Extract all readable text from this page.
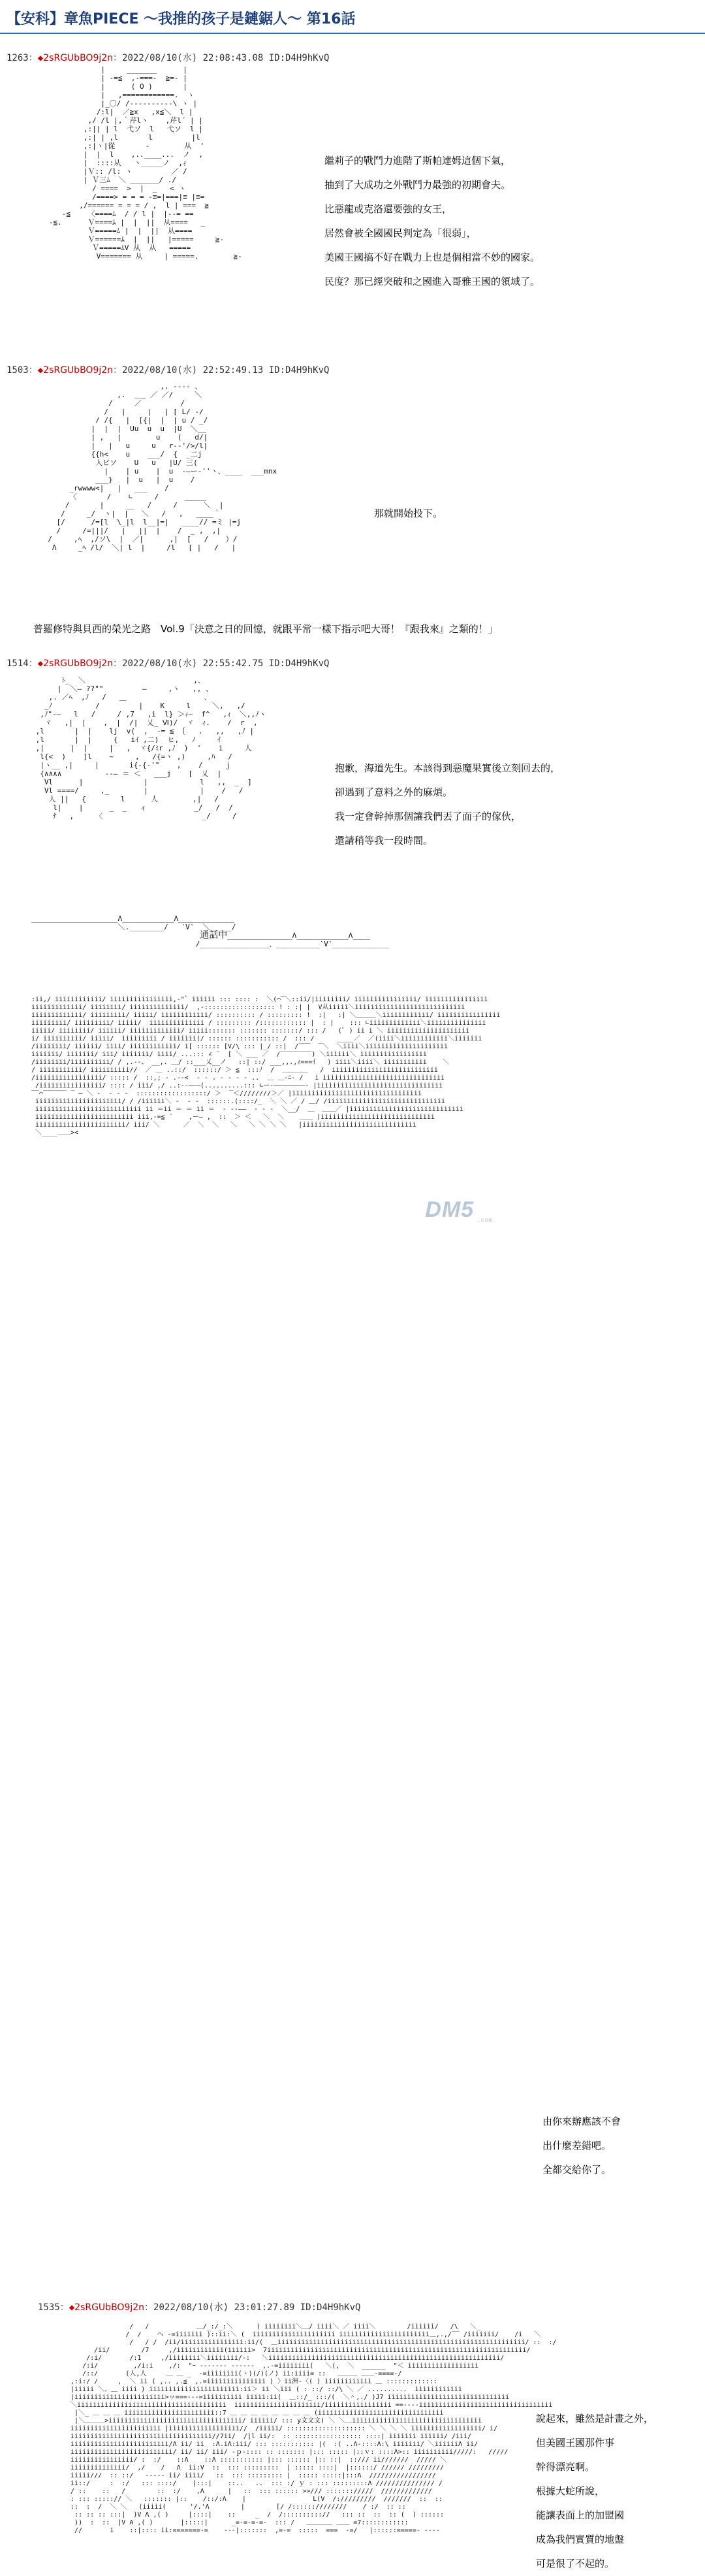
【安科】章魚PIECE ～我推的孩子是鏈鋸人～ 第16話
1263：◆2sRGUbBO9j2n：2022/08/10(水) 22:08:43.08 ID:D4H9hKvQ
|     _______      |
| -=≦  ,-===-  ≧=- |
|      ( O )       |
|   ,============.  ヽ
|_〇/ /‐‐‐‐‐‐‐‐‐‐\ ヽ |
/:l|  ／≧x   ,x≦＼  l |
,/ /l |,｀芹lヽ    ,芹l´ | |
,:|| | l  弋ソ  l   弋ソ  l |
,:| | ,l       l         |l
,:|ヽ|從       ‐        从  '
|  |  l    ,..____...  ノ  ,
|  ::::从   ヽ_____ノ  ,ｨ
|Ｖ:: /l: ヽ         ／ /
| Ｖ三ﾑ  ＼ ＿＿＿＿/ ./
/ ====  >  |  _   < ヽ
/====> = = = -≡=|===|≡ |≡=
,/====== = = = / ,  l | ===  ≧
-≦    〈====ﾑ  / / l |  |--= ==
-≦.      Ｖ====ﾑ |  |  ||  从====   _
Ｖ=====ﾑ |  |  ||  从====
Ｖ======ﾑ  |  ||   |=====     ≧-
Ｖ=====ﾑV 从  从   =====
V======= 从     | =====.        ≧-
繼莉子的戰鬥力進階了斯帕達姆這個下氣，
抽到了大成功之外戰鬥力最強的初期會夫。
比惡龍或克洛還要強的女王，
居然會被全國國民判定為「很弱」，
美國王國搞不好在戰力上也是個相當不妙的國家。
民度？那已經突破和之國進入哥雅王國的領域了。
1503：◆2sRGUbBO9j2n：2022/08/10(水) 22:52:49.13 ID:D4H9hKvQ
,. -‐‐‐ 、
,.  ＿_ ／ ／/     ＼
/     ／         /
/   |     |   | [ L/ ‐/
/ /{   |  [{|  |  | u / _/
|  |  |  Uu  u  u  |U  ＼__
| ,   |        u    (   d/|
|   |   u     u   r-‐'/>/l|
{{h<    u    ___/  {  _二j
人ビソ    U   u   |U/ 三(
|    | u    |  u  -―ー‐''ヽ、____  ___mnx
___}   |  u   |  u    /
_rwwww<|   |   ___    /
〈       /    ∟     /      _____
/       |     __   /     /      ＼  |
/     _/  ヽ|  |   ＼   /   ,   ____｀
[/      /=[l  \_|l  l__|=|   ____// =ミ |=j
/     /=|||/   |   ||  |    /  _ ,  ,|
/     ,ﾍ  ,/ソ\  |  ／|      ,|  [   /    ）/
Λ     _ﾍ /l/  ＼| l  |     /l   [ |   /   |
那就開始投下。
普羅修特與貝西的榮光之路　Vol.9「決意之日的回憶，就跟平常一樣下指示吧大哥！『跟我來』之類的！」
1514：◆2sRGUbBO9j2n：2022/08/10(水) 22:55:42.75 ID:D4H9hKvQ
ﾄ_  ＼                         ,、
|  ＼― ??""         ―     ,ヽ   ,, 、
,. ／ﾍ  ,ﾉ   /   ＿                  、
_ﾉ          /         |    K     l     ＼,   ,/
,ﾉ"‐―   l   /     / ,7   ,i  l} ＞ｨ―  f^   ,ｨ  ＼,,ﾉヽ
ヾ   ,|  |    ,  |  /|  乂_ Ⅵ)/  ヾ  ｨ.    /  r  ,
,l       |  |    lj  v(  ,  ‐= ≦ ｛   .   ,,   ,ﾉ |
,l       |  |     {   iｲ ,二)  ヒ,   ﾉ     ｲ
,|      |  |     |   ,  ヾ{/ﾐr ,ﾉ  )  '    i     人
l{<  )    ]l    ~     ,   /{=ヽ ,)     ,ﾊ   /
|ヽ__ ,|     |       i{‐{‐'"    ,    /     ｊ
{∧∧∧∧          ‐‐― ＝ ＜   ___j    [  乂  |
Vl      |              |            l   ,,  _  ]
Vl ====/     ,_        |            |    /   /
人 ||   {        l      人        ,|   /
l|    |      _  _   ィ           _/   /  /
ﾅ   ,     〈                       _/     /
抱歉，海道先生。本該得到惡魔果實後立刻回去的，
卻遇到了意料之外的麻煩。
我一定會幹掉那個讓我們丟了面子的傢伙，
還請稍等我一段時間。
____________________Λ____________Λ_____________
＼.________/   ‵V‵  ＼_____/
通話中_______________Λ____________Λ____
/________________、__________‵V‵_____________
:ii,/ iiiiiiiiiiii/ iiiiiiiiiiiiiiii,-"ﾞ iiiiii ::: :::: :  ＼(⌒‾＼::ii/|iiiiiiii/ iiiiiiiiiiiiiiii/ iiiiiiiiiiiiiiii
iiiiiiiiiiiii/ iiiiiiii/ iiiiiiiiiiiiii/  ,-:::::::::::::::::: ! : :| |  V从iiiii＼iiiiiiiiiiiiiiiiiiiiiiiiiiii
iiiiiiiiiiiii/ iiiiiiiii/ iiiii/ iiiiiiiiiiii/ :::::::::: / ::::::::: !  :|   :| ＼＿＿＿＼iiiiiiiiiiii/ iiiiiiiiiiiiiiii
iiiiiiiii/ iiiiiiiii/ iiiii/  iiiiiiiiiiiiii / ::::::::: /:::::::::::: |  : |    ::: ∟iiiiiiiiiiiii＼iiiiiiiiiiiiiii
iiiii/ iiiiiiii/ iiiiii/ iiiiiiiiiiiii/ iiiii::::::: ::::::: :::::::/ ::: /   (ﾟ ) ii i ＼ iiiiiiiiiiiiiiiiiiiii
i/ iiiiiiiiii/ iiiii/  iiiiiiiii / iiiiiii(/ :::::: ::::::::::: /  ::: /      ____／  ／(iiii＼iiiiiiiiiiii＼iiiiiii
/iiiiiiii/ iiiiii/ iiii/ iiiiiiiiiiii/ i[ :::::: [V/\ ::: |_/ ::|  /‾‾‾  ‾＼  ＼iiii＼iiiiiiiiiiiiiiiiiiiii
iiiiiii/ iiiiiii/ iii/ iiiiiii/ iiii/ ...::: ∠ ¨  [ ＼ ___ ／  /‾‾‾‾‾‾‾‾) ＼iiiiii＼ iiiiiiiiiiiiiiiii
/iiiiiiii/iiiiiiiiii/ / ,.-‐、 __,. ＿/ ::___乂__ノ   ::| ::/ ___,,.,ｨ===ｲ   ) iiii＼iiii＼ iiiiiiiiiii    ＼
/ iiiiiiiiiii/ iiiiiiiiii//  ／ ＿ ..::/  ::::::/ ＞ ≦  :::ﾉ  /  ＿＿＿＿   /  iiiiiiiiiiiiiiiiiiiiiiiiiii
/iiiiiiiiiiiiiiiii/ ::::: /  ::,; ‐ .-‐<  ‐ - . ‐ ‐ ‐ ‐ ..  ＿ ＿-ﾆ- /   i iiiiiiiiiiiiiiiiiiiiiiiiiiiiiii
/iiiiiiiiiiiiiiii/ :::: / iii/ ,/ ..:--―――(..........::: ∟ー‐――――――――‐ |iiiiiiiiiiiiiiiiiiiiiiiiiiiiiiii
‾‾⌒‾‾‾‾‾‾ ‾ ― ＼ ‐  ‐ ‐ ‐  ::::::::::::::::::/ ＞  ‾＜////////＞／ |iiiiiiiiiiiiiiiiiiiiiiiiiiiiiiiii
iiiiiiiiiiiiiiiiiiiiii/ / /iiiiii＼ ‐  ‐ ‐  ::::::.(::::/_  ＼ ＼ ／ / ＿/ /iiiiiiiiiiiiiiiiiiiiiiiiiiiiii
iiiiiiiiiiiiiiiiiiiiiiiiiii ii ＝ii ＝ ＝ ii ＝  ‐ -‐――  ‐ ‐ ‐  ＼__/  ＿  ＿＿／ |iiiiiiiiiiiiiiiiiiiiiiiiiiiii
iiiiiiiiiiiiiiiiiiiiiiiii iii,-=≦ ¨    ,ー― ,  ::  ＞ ＜   ＼  ＼    ＿＿ |iiiiiiiiiiiiiiiiiiiiiiiiiiiii
iiiiiiiiiiiiiiiiiiiiiii/ iii/ ＼      ／  ＼  ＼   ＼   ＼ ＼ ＼ ＼   |iiiiiiiiiiiiiiiiiiiiiiiiiiiii
＼____＿＿><

由你來辦應該不會
出什麼差錯吧。
全都交給你了。

1535：◆2sRGUbBO9j2n：2022/08/10(水) 23:01:27.89 ID:D4H9hKvQ

/   /            ＿/_:/_:＼      ) iiiiiiii＼＿/ iiii＼ ／ iiii＼        /iiiiii/   /\   ＼_
/  /    へ -=iiiiiii )::ii:＼ (  iiiiiiiiiiiiiiiiiiiii iiiiiiiiiiiiiiiiiiiiiii＿,.,/‾‾ /iiiiiii/    /i   ＼
/   / /  /ii/iiiiiiiiiiiiiiii:ii/(  ＿iiiiiiiiiiiiiiiiiiiiiiiiiiiiiiiiiiiiiiiiiiiiiiiiiiiiiiiiiiiiiii/ ::  :/
/ii/        /7     ,/iiiiiiiiiiii(iiiiii>  7iiiiiiiiiiiiiiiiiiiiiiiiiiiiiiiiiiiiiiiiiiiiiiiiiiiiiiiiiiiiiiiiii/
/:i/       /:1     ,/iiiiiiii＼iiiiiiii/-:   ＼iiiiiiiiiiiiiiiiiiiiiiiiiiiiiiiiiiiiiiiiiiiiiiiiiiiiiiiiiii/
/:i/         ,/i:i    ,/:  "ｰ ------- ------  ,.-=iiiiiiii(   ＼(,  ＼  ______  "＜ iiiiiiiiiiiiiiiiii
/::/       (人,人     ＿ ＿ _  -=iiiiiiii(ヽ)(/)(ノ) ii:iiii= ::   ＿＿＿ ＿＿-====-/
,:i:/ /     ,  ＼ ii ( ,.. ,.≦  ,.=iiiiiiiiiiiiiii ) 〉ii洲-〈( ) iiiiiiiiiiii ＿ :::::::::::::
|iiiii ＼、＿ iiii ) iiiiiiiiiiiiiiiiiiiiiii:ii＞ ii ＼iii ( : ::/ ::/\ ＼ ／ ..........  iiiiiiiiiiii
|iiiiiiiiiiiiiiiiiiiiiii>ヮ===---=iiiiiiiiii iiiii:ii(  ＿::/_ :::/(  ＼＾,./ )J7 iiiiiiiiiiiiiiiiiiiiiiiiiiiiiii
＼iiiiiiiiiiiiiiiiiiiiiiiiiiiiiiiiiiiiii  iiiiiiiiiiiiiiiiiiiiii/iiiiiiiiiiiiiiiii ==----iiiiiiiiiiiiiiiiiiiiiiiiiiiiiiiiii
|＼_ ＿ ＿ ＿ iiiiiiiiiiiiiiiiiiiiiii::7 ＿ ＿ ＿ ＿ ＿ ＿ ＿ ＿ (iiiiiiiiiiiiiiiiiiiiiiiiiiiiiiii
|＼＿＿＿>iiiiiiiiiiiiiiiiiiiiiiiiiiiiiiiiii/ iiiiii/ ::: y文文文) ＼ ＼＿iiiiiiiiiiiiiiiiiiiiiiiiiiiiiiiii
iiiiiiiiiiiiiiiiiiiiiii |iiiiiiiiiiiiiiiiii//  /iiiii/ :::::::::::::::::::: ＼ ＼ ＼ ＼ iiiiiiiiiiiiiiiiii/ i/
iiiiiiiiiiiiiiiiiiiiiiiiiiiiiiiiiiii//7ii/  /|l ii/:  :: ::::::::::::::::: ::::| iiiiiii iiiiii/ /iii/
iiiiiiiiiiiiiiiiiiiiiiiii/Λ ii/ ii  :Λ.iΛ:iii/ ::: ::::::::::: |(  :( ..Λ-::::Λ:\ iiiiiii/ ＼iiiiiiΛ ii/
iiiiiiiiiiiiiiiiiiiiiiiiii/ ii/ ii/ iii/ -ｐ-:::: :: ::::::: |::: ::::: |::ｖ: ::::Λ>:: iiiiiiiiii/////:   /////
iiiiiiiiiiiiiiii/ :  :/    ::Λ    ::Λ ::::::::::: |::: :::::: |:: ::|  ::/// ii///////  ///// ＼
iiiiiiiiiiiiii/  ,/    /   Λ  ii:V  ::  ::: :::::::::  | ::::: ::::|  |::::::/ ////// /////////
iiiii///  :: ::/   ----- ii/ iiii/   ::  ::: ::::::::: |  ::::: :::::|:::Λ  /////////////////
ii::/     :  :/   ::: ::::/    |:::|    ::..   ..  ::: :/ ｙ : ::: :::::::::Λ /////////////// /
/ ::    ::   /        ::  :/    ,Λ      |   ::  ::: :::::: >>/// ::::::://///  /////////////
: ::: :::::// ＼   ::::::: |::    /::/:Λ    |                 L(V  /://///////  ///////  ::  ::
::  :  /  ＼ ＼   (iiiii(      '/.'Λ        |        [/ /::::::////////    / :/  :: ::
:: :: :: :::|  )V Λ ,( )     |::::|    ::     _  /  /:::::::::://   ::: ::  ::  :: (  ) ::::::
))  :  ::  |V A ,( )       |:::::|      _=-=-=-=-  ::: /   ＿＿＿＿ ＿＿ =7::::::::::::
//       i    ::|:::: ii:=======-=    ---|:::::::  ,=-=  :::::  ===  -=/   |::::::=====- ----

說起來，雖然是計畫之外，
但美國王國那件事
幹得漂亮啊。
根據大蛇所說，
能讓表面上的加盟國
成為我們實質的地盤
可是很了不起的。

DM5 .com
